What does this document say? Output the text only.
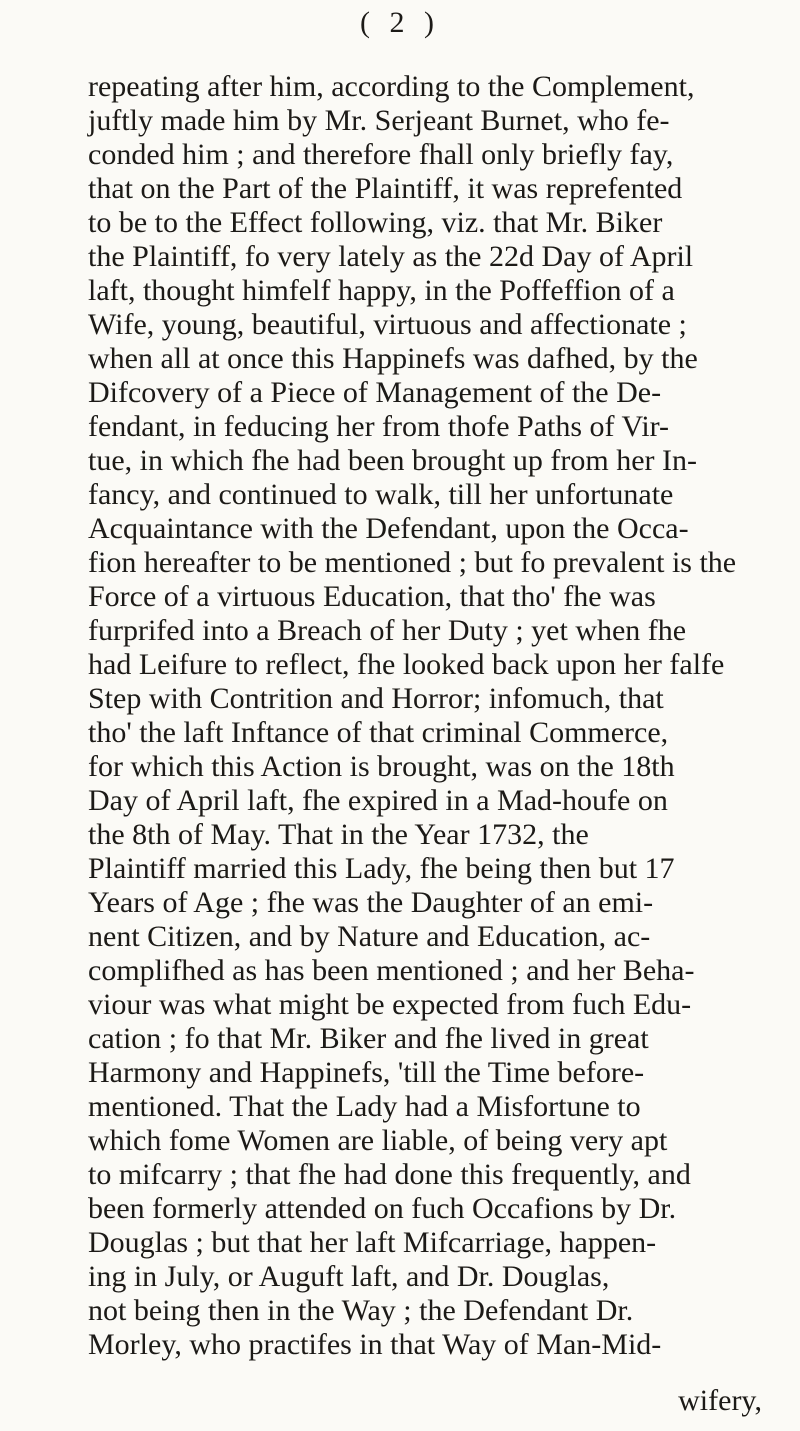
( 2 )
repeating after him, according to the Complement,
juftly made him by Mr. Serjeant Burnet, who fe-
conded him ; and therefore fhall only briefly fay,
that on the Part of the Plaintiff, it was reprefented
to be to the Effect following, viz. that Mr. Biker
the Plaintiff, fo very lately as the 22d Day of April
laft, thought himfelf happy, in the Poffeffion of a
Wife, young, beautiful, virtuous and affectionate ;
when all at once this Happinefs was dafhed, by the
Difcovery of a Piece of Management of the De-
fendant, in feducing her from thofe Paths of Vir-
tue, in which fhe had been brought up from her In-
fancy, and continued to walk, till her unfortunate
Acquaintance with the Defendant, upon the Occa-
fion hereafter to be mentioned ; but fo prevalent is the
Force of a virtuous Education, that tho' fhe was
furprifed into a Breach of her Duty ; yet when fhe
had Leifure to reflect, fhe looked back upon her falfe
Step with Contrition and Horror; infomuch, that
tho' the laft Inftance of that criminal Commerce,
for which this Action is brought, was on the 18th
Day of April laft, fhe expired in a Mad-houfe on
the 8th of May. That in the Year 1732, the
Plaintiff married this Lady, fhe being then but 17
Years of Age ; fhe was the Daughter of an emi-
nent Citizen, and by Nature and Education, ac-
complifhed as has been mentioned ; and her Beha-
viour was what might be expected from fuch Edu-
cation ; fo that Mr. Biker and fhe lived in great
Harmony and Happinefs, 'till the Time before-
mentioned. That the Lady had a Misfortune to
which fome Women are liable, of being very apt
to mifcarry ; that fhe had done this frequently, and
been formerly attended on fuch Occafions by Dr.
Douglas ; but that her laft Mifcarriage, happen-
ing in July, or Auguft laft, and Dr. Douglas,
not being then in the Way ; the Defendant Dr.
Morley, who practifes in that Way of Man-Mid-
wifery,
